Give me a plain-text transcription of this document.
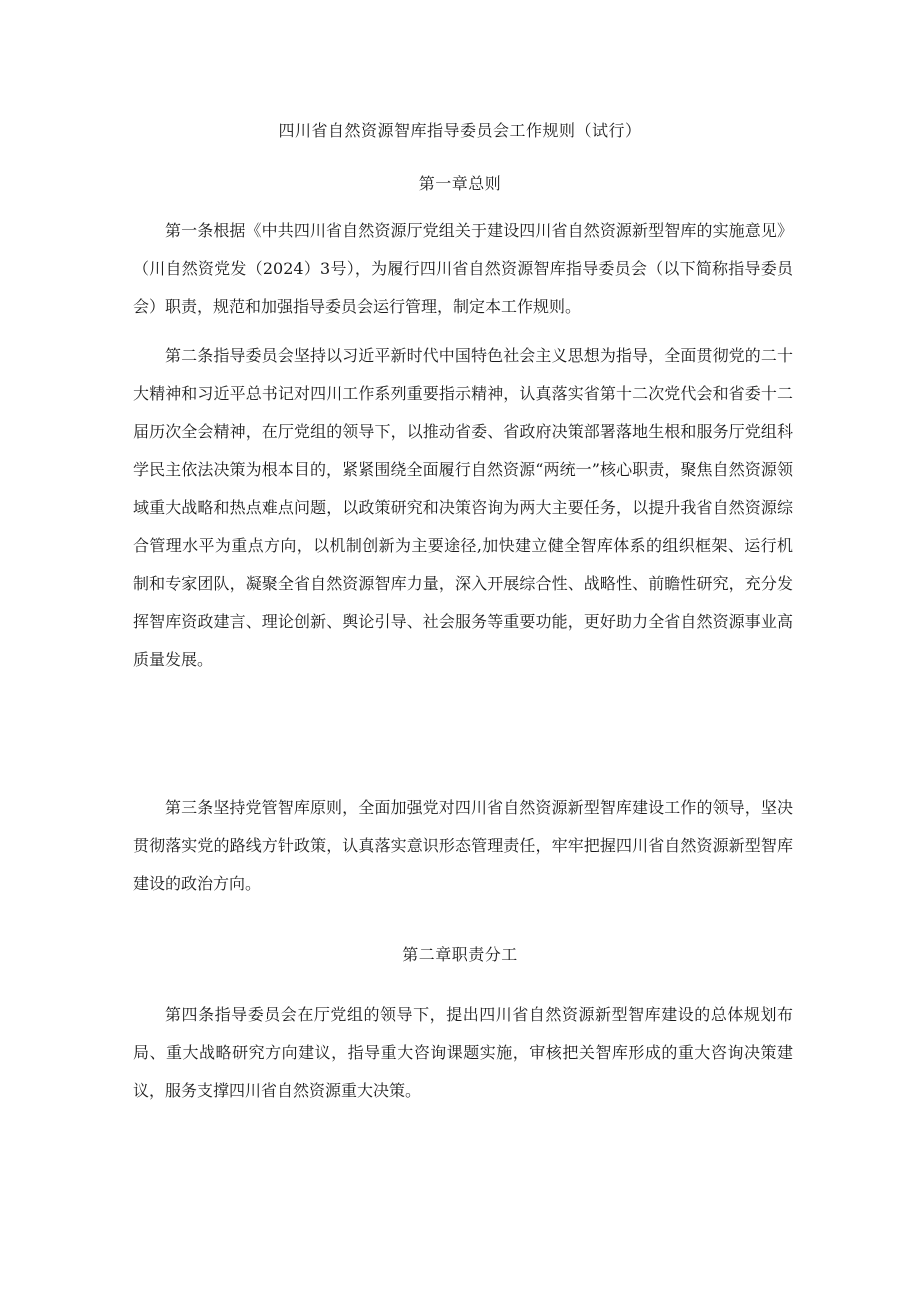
四川省自然资源智库指导委员会工作规则（试行）
第一章总则

第一条根据《中共四川省自然资源厅党组关于建设四川省自然资源新型智库的实施意见》（川自然资党发（2024）3号），为履行四川省自然资源智库指导委员会（以下简称指导委员会）职责，规范和加强指导委员会运行管理，制定本工作规则。

第二条指导委员会坚持以习近平新时代中国特色社会主义思想为指导，全面贯彻党的二十大精神和习近平总书记对四川工作系列重要指示精神，认真落实省第十二次党代会和省委十二届历次全会精神，在厅党组的领导下，以推动省委、省政府决策部署落地生根和服务厅党组科学民主依法决策为根本目的，紧紧围绕全面履行自然资源“两统一”核心职责，聚焦自然资源领域重大战略和热点难点问题，以政策研究和决策咨询为两大主要任务，以提升我省自然资源综合管理水平为重点方向，以机制创新为主要途径,加快建立健全智库体系的组织框架、运行机制和专家团队，凝聚全省自然资源智库力量，深入开展综合性、战略性、前瞻性研究，充分发挥智库资政建言、理论创新、舆论引导、社会服务等重要功能，更好助力全省自然资源事业高质量发展。

第三条坚持党管智库原则，全面加强党对四川省自然资源新型智库建设工作的领导，坚决贯彻落实党的路线方针政策，认真落实意识形态管理责任，牢牢把握四川省自然资源新型智库建设的政治方向。

第二章职责分工

第四条指导委员会在厅党组的领导下，提出四川省自然资源新型智库建设的总体规划布局、重大战略研究方向建议，指导重大咨询课题实施，审核把关智库形成的重大咨询决策建议，服务支撑四川省自然资源重大决策。
